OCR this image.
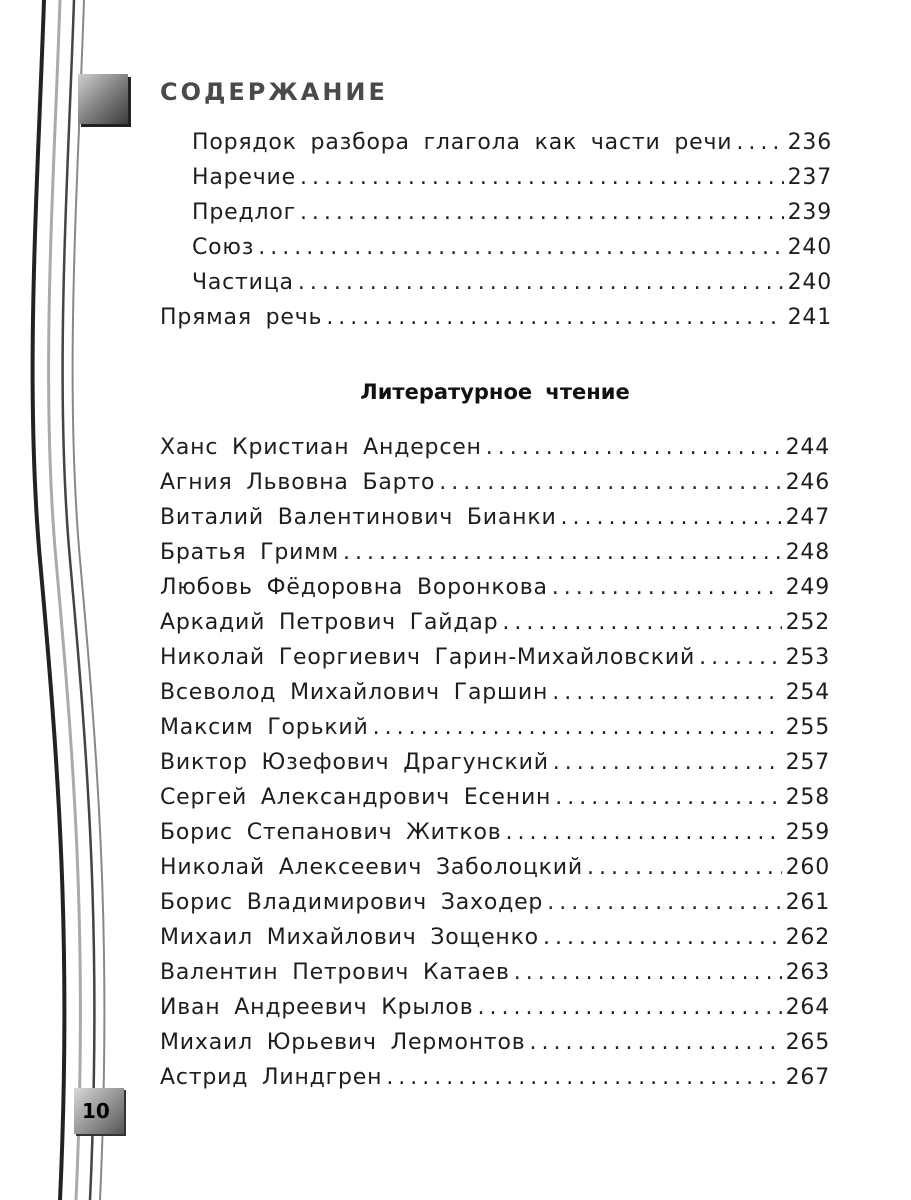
СОДЕРЖАНИЕ
Порядок разбора глагола как части речи .....	236
Наречие .....	237
Предлог .....	239
Союз .....	240
Частица .....	240
Прямая речь .....	241
Литературное чтение
Ханс Кристиан Андерсен .....	244
Агния Львовна Барто .....	246
Виталий Валентинович Бианки .....	247
Братья Гримм .....	248
Любовь Фёдоровна Воронкова .....	249
Аркадий Петрович Гайдар .....	252
Николай Георгиевич Гарин-Михайловский .....	253
Всеволод Михайлович Гаршин .....	254
Максим Горький .....	255
Виктор Юзефович Драгунский .....	257
Сергей Александрович Есенин .....	258
Борис Степанович Житков .....	259
Николай Алексеевич Заболоцкий .....	260
Борис Владимирович Заходер .....	261
Михаил Михайлович Зощенко .....	262
Валентин Петрович Катаев .....	263
Иван Андреевич Крылов .....	264
Михаил Юрьевич Лермонтов .....	265
Астрид Линдгрен .....	267
10
